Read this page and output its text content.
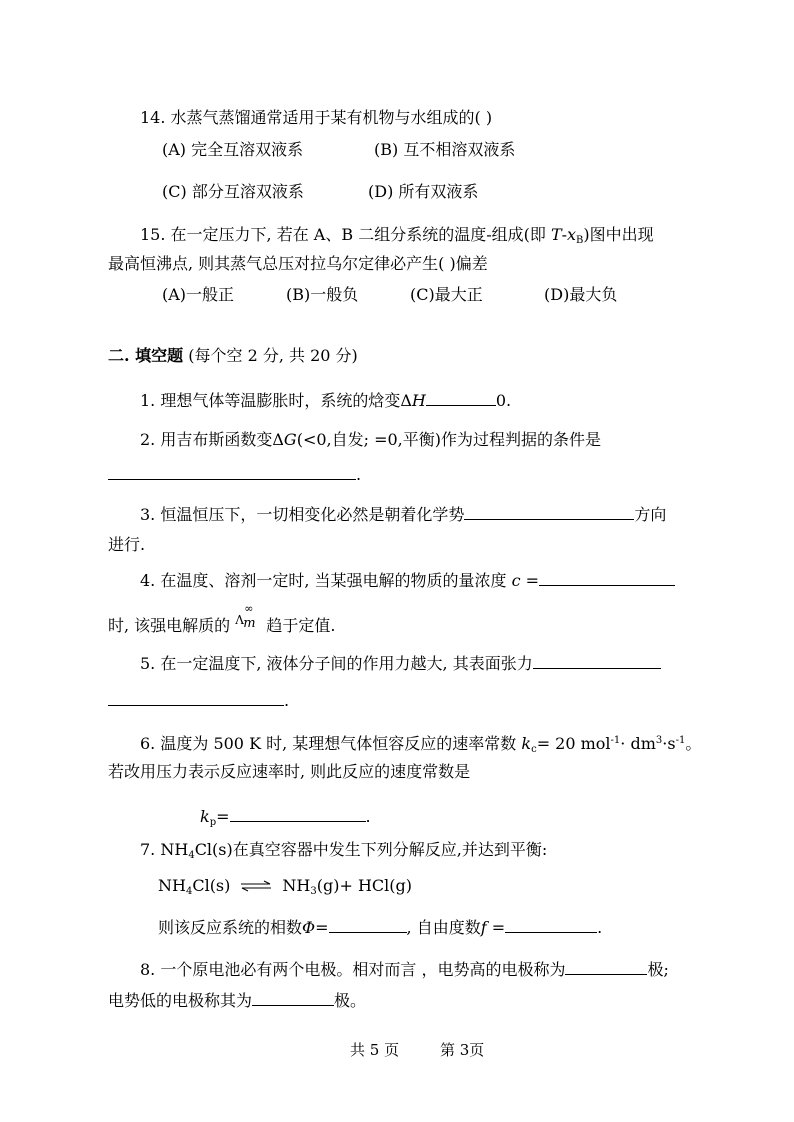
14. 水蒸气蒸馏通常适用于某有机物与水组成的( )
(A) 完全互溶双液系	(B) 互不相溶双液系
(C) 部分互溶双液系	(D) 所有双液系
15. 在一定压力下, 若在 A、B 二组分系统的温度-组成(即 $T-x_B$)图中出现
最高恒沸点, 则其蒸气总压对拉乌尔定律必产生( )偏差
(A)一般正	(B)一般负	(C)最大正	(D)最大负
二. 填空题 (每个空 2 分, 共 20 分)
1. 理想气体等温膨胀时，系统的焓变ΔH	0.
2. 用吉布斯函数变ΔG(<0,自发; =0,平衡)作为过程判据的条件是
.
3. 恒温恒压下，一切相变化必然是朝着化学势	方向
进行.
4. 在温度、溶剂一定时, 当某强电解的物质的量浓度 c =
时, 该强电解质的 Λ m
∞
趋于定值.
5. 在一定温度下, 液体分子间的作用力越大, 其表面张力
.
6. 温度为 500 K 时, 某理想气体恒容反应的速率常数 $k_c= 20$ $mol^{-1}\cdot dm^3\cdot s^{-1}$。
若改用压力表示反应速率时, 则此反应的速度常数是
$k_p=$	.
7. $NH_4Cl(s)$在真空容器中发生下列分解反应,并达到平衡:
$NH_4Cl(s)$ ⇌ $NH_3(g)+ HCl(g)$
则该反应系统的相数Φ=	, 自由度数f =	.
8. 一个原电池必有两个电极。相对而言 ，电势高的电极称为	极;
电势低的电极称其为	极。
共 5 页	第 3页
